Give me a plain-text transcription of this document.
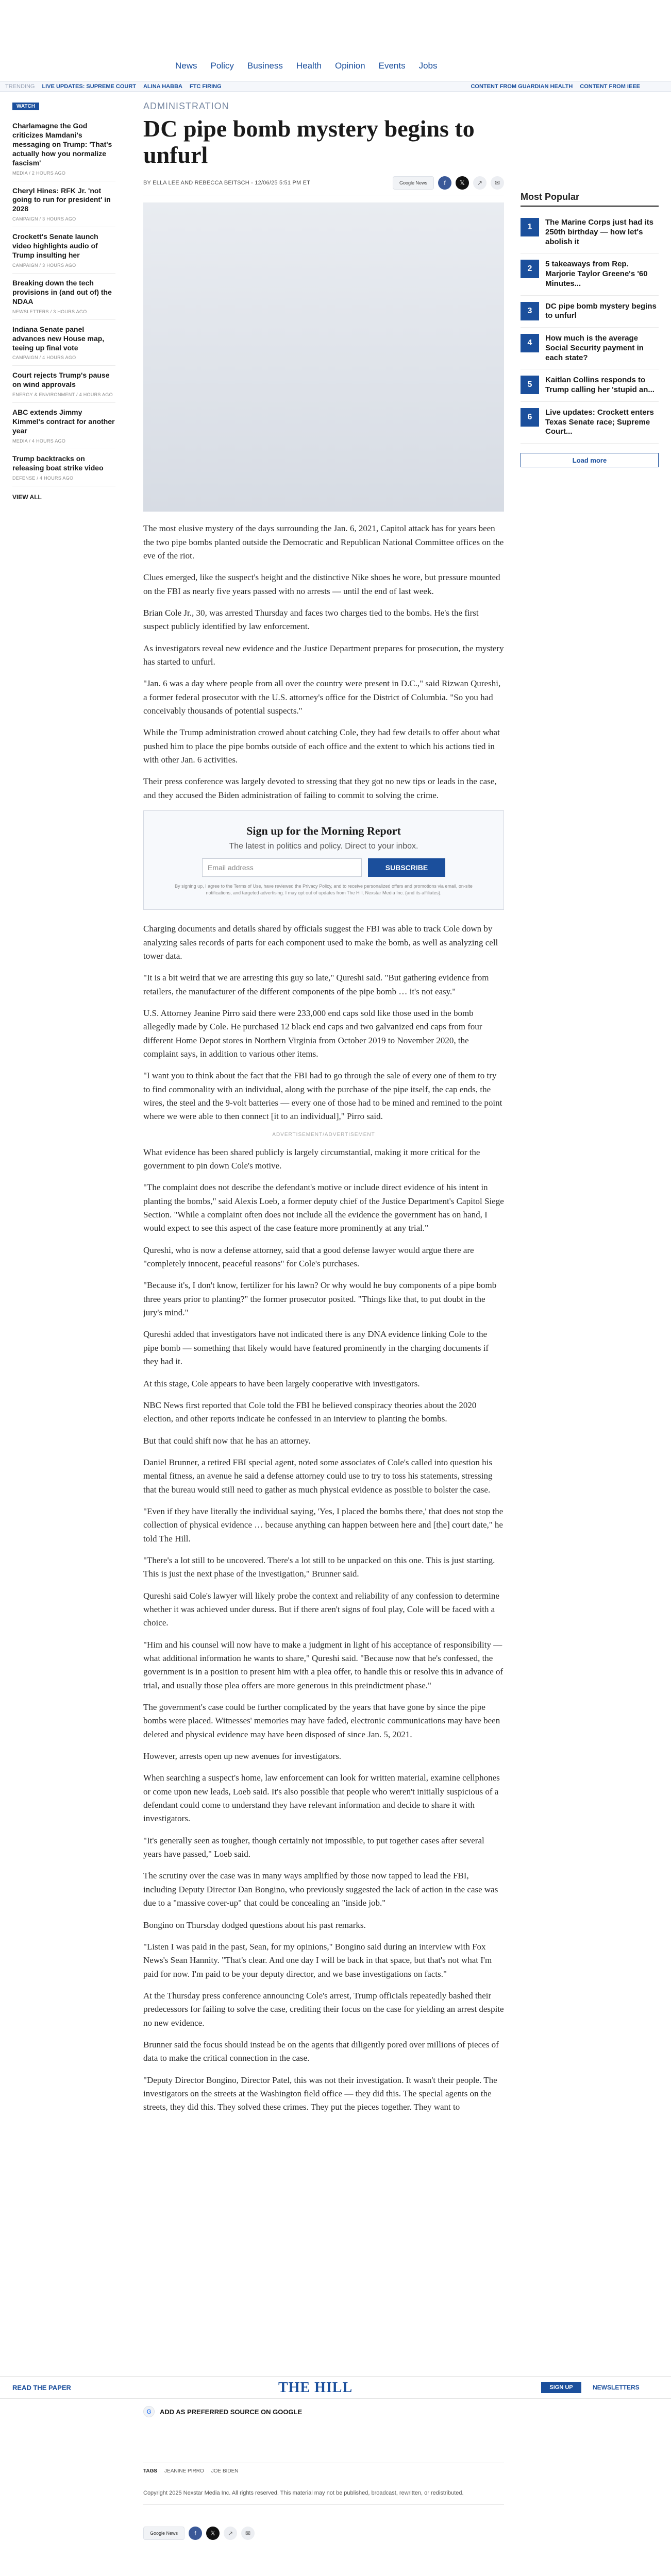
News Policy Business Health Opinion Events Jobs
TRENDING LIVE UPDATES: SUPREME COURT ALINA HABBA FTC FIRING	CONTENT FROM GUARDIAN HEALTH CONTENT FROM IEEE
WATCH
Charlamagne the God criticizes Mamdani's messaging on Trump: 'That's actually how you normalize fascism'
MEDIA / 2 HOURS AGO
Cheryl Hines: RFK Jr. 'not going to run for president' in 2028
CAMPAIGN / 3 HOURS AGO
Crockett's Senate launch video highlights audio of Trump insulting her
CAMPAIGN / 3 HOURS AGO
Breaking down the tech provisions in (and out of) the NDAA
NEWSLETTERS / 3 HOURS AGO
Indiana Senate panel advances new House map, teeing up final vote
CAMPAIGN / 4 HOURS AGO
Court rejects Trump's pause on wind approvals
ENERGY & ENVIRONMENT / 4 HOURS AGO
ABC extends Jimmy Kimmel's contract for another year
MEDIA / 4 HOURS AGO
Trump backtracks on releasing boat strike video
DEFENSE / 4 HOURS AGO
VIEW ALL
ADMINISTRATION
DC pipe bomb mystery begins to unfurl
BY ELLA LEE AND REBECCA BEITSCH - 12/06/25 5:51 PM ET	Google News	f	𝕏	↗	✉

The most elusive mystery of the days surrounding the Jan. 6, 2021, Capitol attack has for years been the two pipe bombs planted outside the Democratic and Republican National Committee offices on the eve of the riot.

Clues emerged, like the suspect's height and the distinctive Nike shoes he wore, but pressure mounted on the FBI as nearly five years passed with no arrests — until the end of last week.

Brian Cole Jr., 30, was arrested Thursday and faces two charges tied to the bombs. He's the first suspect publicly identified by law enforcement.

As investigators reveal new evidence and the Justice Department prepares for prosecution, the mystery has started to unfurl.

"Jan. 6 was a day where people from all over the country were present in D.C.," said Rizwan Qureshi, a former federal prosecutor with the U.S. attorney's office for the District of Columbia. "So you had conceivably thousands of potential suspects."

While the Trump administration crowed about catching Cole, they had few details to offer about what pushed him to place the pipe bombs outside of each office and the extent to which his actions tied in with other Jan. 6 activities.

Their press conference was largely devoted to stressing that they got no new tips or leads in the case, and they accused the Biden administration of failing to commit to solving the crime.

Sign up for the Morning Report
The latest in politics and policy. Direct to your inbox.
Email address	SUBSCRIBE
By signing up, I agree to the Terms of Use, have reviewed the Privacy Policy, and to receive personalized offers and promotions via email, on-site notifications, and targeted advertising. I may opt out of updates from The Hill, Nexstar Media Inc. (and its affiliates).

Charging documents and details shared by officials suggest the FBI was able to track Cole down by analyzing sales records of parts for each component used to make the bomb, as well as analyzing cell tower data.

"It is a bit weird that we are arresting this guy so late," Qureshi said. "But gathering evidence from retailers, the manufacturer of the different components of the pipe bomb … it's not easy."

U.S. Attorney Jeanine Pirro said there were 233,000 end caps sold like those used in the bomb allegedly made by Cole. He purchased 12 black end caps and two galvanized end caps from four different Home Depot stores in Northern Virginia from October 2019 to November 2020, the complaint says, in addition to various other items.

"I want you to think about the fact that the FBI had to go through the sale of every one of them to try to find commonality with an individual, along with the purchase of the pipe itself, the cap ends, the wires, the steel and the 9-volt batteries — every one of those had to be mined and remined to the point where we were able to then connect [it to an individual]," Pirro said.

ADVERTISEMENT/ADVERTISEMENT

What evidence has been shared publicly is largely circumstantial, making it more critical for the government to pin down Cole's motive.

"The complaint does not describe the defendant's motive or include direct evidence of his intent in planting the bombs," said Alexis Loeb, a former deputy chief of the Justice Department's Capitol Siege Section. "While a complaint often does not include all the evidence the government has on hand, I would expect to see this aspect of the case feature more prominently at any trial."

Qureshi, who is now a defense attorney, said that a good defense lawyer would argue there are "completely innocent, peaceful reasons" for Cole's purchases.

"Because it's, I don't know, fertilizer for his lawn? Or why would he buy components of a pipe bomb three years prior to planting?" the former prosecutor posited. "Things like that, to put doubt in the jury's mind."

Qureshi added that investigators have not indicated there is any DNA evidence linking Cole to the pipe bomb — something that likely would have featured prominently in the charging documents if they had it.

At this stage, Cole appears to have been largely cooperative with investigators.

NBC News first reported that Cole told the FBI he believed conspiracy theories about the 2020 election, and other reports indicate he confessed in an interview to planting the bombs.

But that could shift now that he has an attorney.

Daniel Brunner, a retired FBI special agent, noted some associates of Cole's called into question his mental fitness, an avenue he said a defense attorney could use to try to toss his statements, stressing that the bureau would still need to gather as much physical evidence as possible to bolster the case.

"Even if they have literally the individual saying, 'Yes, I placed the bombs there,' that does not stop the collection of physical evidence … because anything can happen between here and [the] court date," he told The Hill.

"There's a lot still to be uncovered. There's a lot still to be unpacked on this one. This is just starting. This is just the next phase of the investigation," Brunner said.

Qureshi said Cole's lawyer will likely probe the context and reliability of any confession to determine whether it was achieved under duress. But if there aren't signs of foul play, Cole will be faced with a choice.

"Him and his counsel will now have to make a judgment in light of his acceptance of responsibility — what additional information he wants to share," Qureshi said. "Because now that he's confessed, the government is in a position to present him with a plea offer, to handle this or resolve this in advance of trial, and usually those plea offers are more generous in this preindictment phase."

The government's case could be further complicated by the years that have gone by since the pipe bombs were placed. Witnesses' memories may have faded, electronic communications may have been deleted and physical evidence may have been disposed of since Jan. 5, 2021.

However, arrests open up new avenues for investigators.

When searching a suspect's home, law enforcement can look for written material, examine cellphones or come upon new leads, Loeb said. It's also possible that people who weren't initially suspicious of a defendant could come to understand they have relevant information and decide to share it with investigators.

"It's generally seen as tougher, though certainly not impossible, to put together cases after several years have passed," Loeb said.

The scrutiny over the case was in many ways amplified by those now tapped to lead the FBI, including Deputy Director Dan Bongino, who previously suggested the lack of action in the case was due to a "massive cover-up" that could be concealing an "inside job."

Bongino on Thursday dodged questions about his past remarks.

"Listen I was paid in the past, Sean, for my opinions," Bongino said during an interview with Fox News's Sean Hannity. "That's clear. And one day I will be back in that space, but that's not what I'm paid for now. I'm paid to be your deputy director, and we base investigations on facts."

At the Thursday press conference announcing Cole's arrest, Trump officials repeatedly bashed their predecessors for failing to solve the case, crediting their focus on the case for yielding an arrest despite no new evidence.

Brunner said the focus should instead be on the agents that diligently pored over millions of pieces of data to make the critical connection in the case.

"Deputy Director Bongino, Director Patel, this was not their investigation. It wasn't their people. The investigators on the streets at the Washington field office — they did this. The special agents on the streets, they did this. They solved these crimes. They put the pieces together. They want to

Most Popular
1
The Marine Corps just had its 250th birthday — how let's abolish it
2
5 takeaways from Rep. Marjorie Taylor Greene's '60 Minutes...
3
DC pipe bomb mystery begins to unfurl
4
How much is the average Social Security payment in each state?
5
Kaitlan Collins responds to Trump calling her 'stupid an...
6
Live updates: Crockett enters Texas Senate race; Supreme Court...
Load more
READ THE PAPER	THE HILL	SIGN UP	NEWSLETTERS
G	ADD AS PREFERRED SOURCE ON GOOGLE
TAGS JEANINE PIRRO JOE BIDEN
Copyright 2025 Nexstar Media Inc. All rights reserved. This material may not be published, broadcast, rewritten, or redistributed.
Google News	f	𝕏	↗	✉
